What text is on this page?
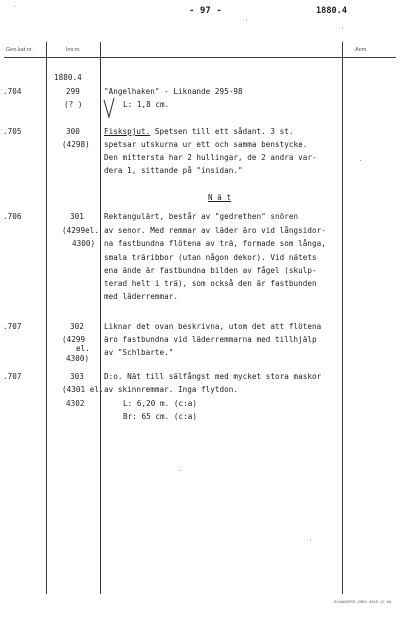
- 97 -	1880.4
Gen.kat.nr.	Inv.nr.	Anm.
1880.4
.704	299
(? )
"Angelhaken" - Liknande 295-98
L: 1,8 cm.
.705	300
(4298)
Fiskspjut. Spetsen till ett sådant. 3 st.
spetsar utskurna ur ett och samma benstycke.
Den mittersta har 2 hullingar, de 2 andra var-
dera 1, sittande på "insidan."
N ä t
.706	301
(4299el.
4300)
Rektangulärt, består av "gedrethen" snören
av senor. Med remmar av läder äro vid långsidor-
na fastbundna flötena av trä, formade som långa,
smala träribbor (utan någon dekor). Vid nätets
ena ände är fastbundna bilden av fågel (skulp-
terad helt i trä), som också den är fastbunden
med läderremmar.
.707	302
(4299
el.
4300)
Liknar det ovan beskrivna, utom det att flötena
äro fastbundna vid läderremmarna med tillhjälp
av "Schlbarte."
.707	303
(4301 el.
4302
D:o. Nät till sälfångst med mycket stora maskor
av skinnremmar. Inga flytdon.
L: 6,20 m. (c:a)
Br: 65 cm. (c:a)
ELANDERS. GBG. 4919. 12. 64.
